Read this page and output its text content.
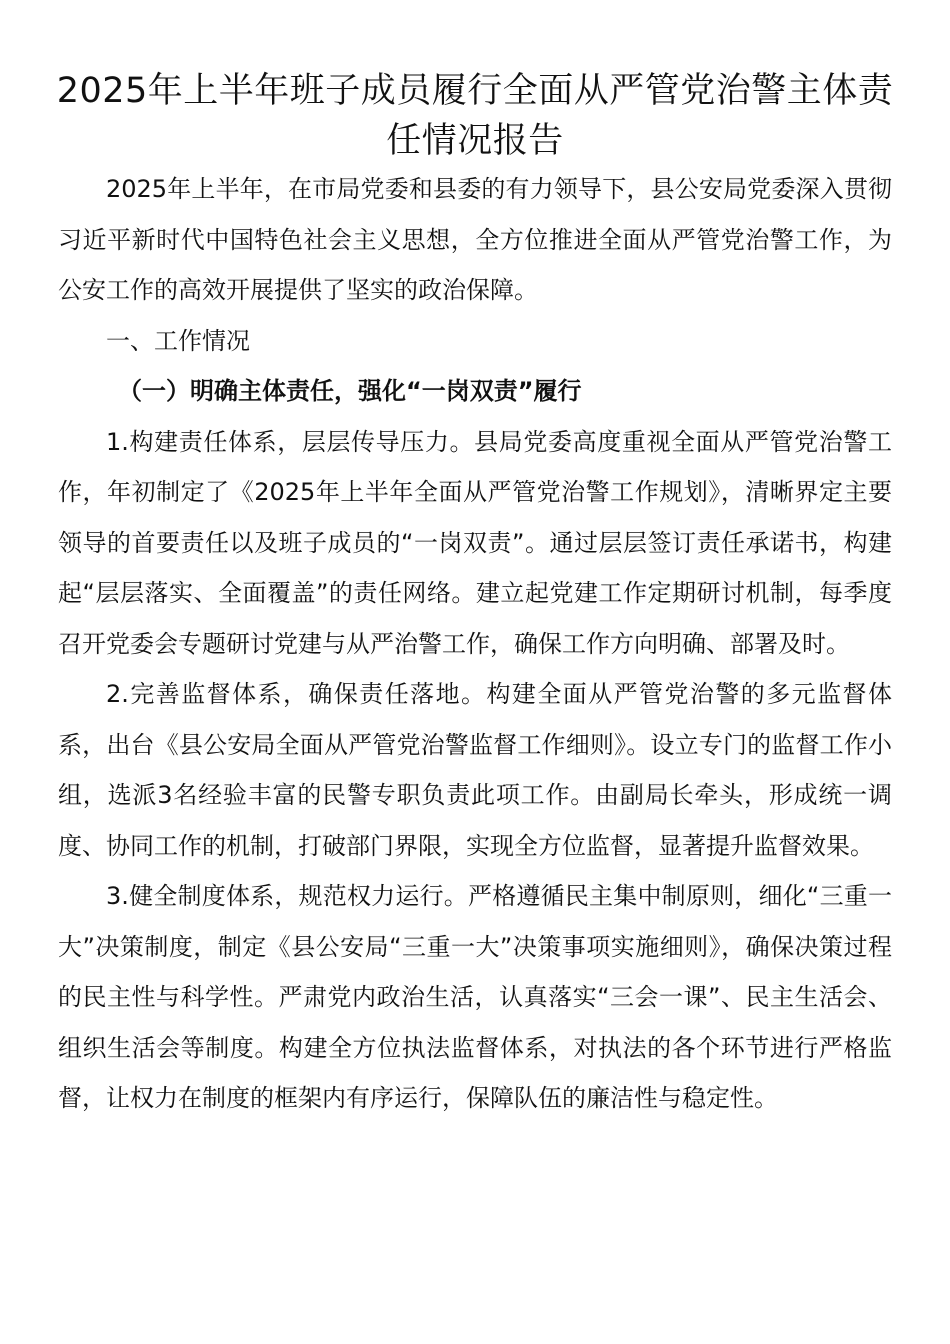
2025年上半年班子成员履行全面从严管党治警主体责任情况报告

2025年上半年，在市局党委和县委的有力领导下，县公安局党委深入贯彻习近平新时代中国特色社会主义思想，全方位推进全面从严管党治警工作，为公安工作的高效开展提供了坚实的政治保障。

一、工作情况

（一）明确主体责任，强化“一岗双责”履行

1.构建责任体系，层层传导压力。县局党委高度重视全面从严管党治警工作，年初制定了《2025年上半年全面从严管党治警工作规划》，清晰界定主要领导的首要责任以及班子成员的“一岗双责”。通过层层签订责任承诺书，构建起“层层落实、全面覆盖”的责任网络。建立起党建工作定期研讨机制，每季度召开党委会专题研讨党建与从严治警工作，确保工作方向明确、部署及时。

2.完善监督体系，确保责任落地。构建全面从严管党治警的多元监督体系，出台《县公安局全面从严管党治警监督工作细则》。设立专门的监督工作小组，选派3名经验丰富的民警专职负责此项工作。由副局长牵头，形成统一调度、协同工作的机制，打破部门界限，实现全方位监督，显著提升监督效果。

3.健全制度体系，规范权力运行。严格遵循民主集中制原则，细化“三重一大”决策制度，制定《县公安局“三重一大”决策事项实施细则》，确保决策过程的民主性与科学性。严肃党内政治生活，认真落实“三会一课”、民主生活会、组织生活会等制度。构建全方位执法监督体系，对执法的各个环节进行严格监督，让权力在制度的框架内有序运行，保障队伍的廉洁性与稳定性。
